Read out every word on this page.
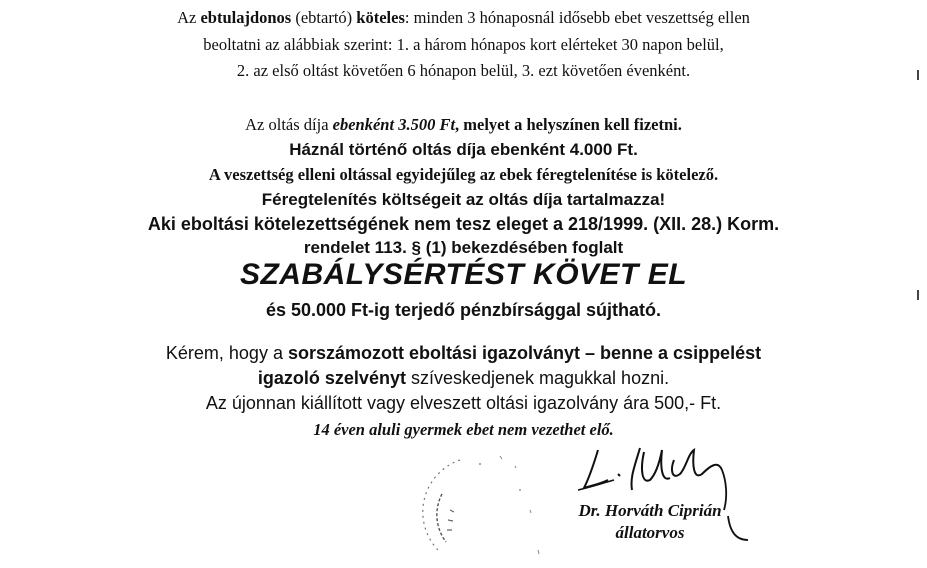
Az ebtulajdonos (ebtartó) köteles: minden 3 hónaposnál idősebb ebet veszettség ellen
beoltatni az alábbiak szerint: 1. a három hónapos kort elérteket 30 napon belül,
2. az első oltást követően 6 hónapon belül, 3. ezt követően évenként.
Az oltás díja ebenként 3.500 Ft, melyet a helyszínen kell fizetni.
Háznál történő oltás díja ebenként 4.000 Ft.
A veszettség elleni oltással egyidejűleg az ebek féregtelenítése is kötelező.
Féregtelenítés költségeit az oltás díja tartalmazza!
Aki eboltási kötelezettségének nem tesz eleget a 218/1999. (XII. 28.) Korm.
rendelet 113. § (1) bekezdésében foglalt
SZABÁLYSÉRTÉST KÖVET EL
és 50.000 Ft-ig terjedő pénzbírsággal sújtható.
Kérem, hogy a sorszámozott eboltási igazolványt – benne a csippelést
igazoló szelvényt szíveskedjenek magukkal hozni.
Az újonnan kiállított vagy elveszett oltási igazolvány ára 500,- Ft.
14 éven aluli gyermek ebet nem vezethet elő.
Dr. Horváth Ciprián
állatorvos
